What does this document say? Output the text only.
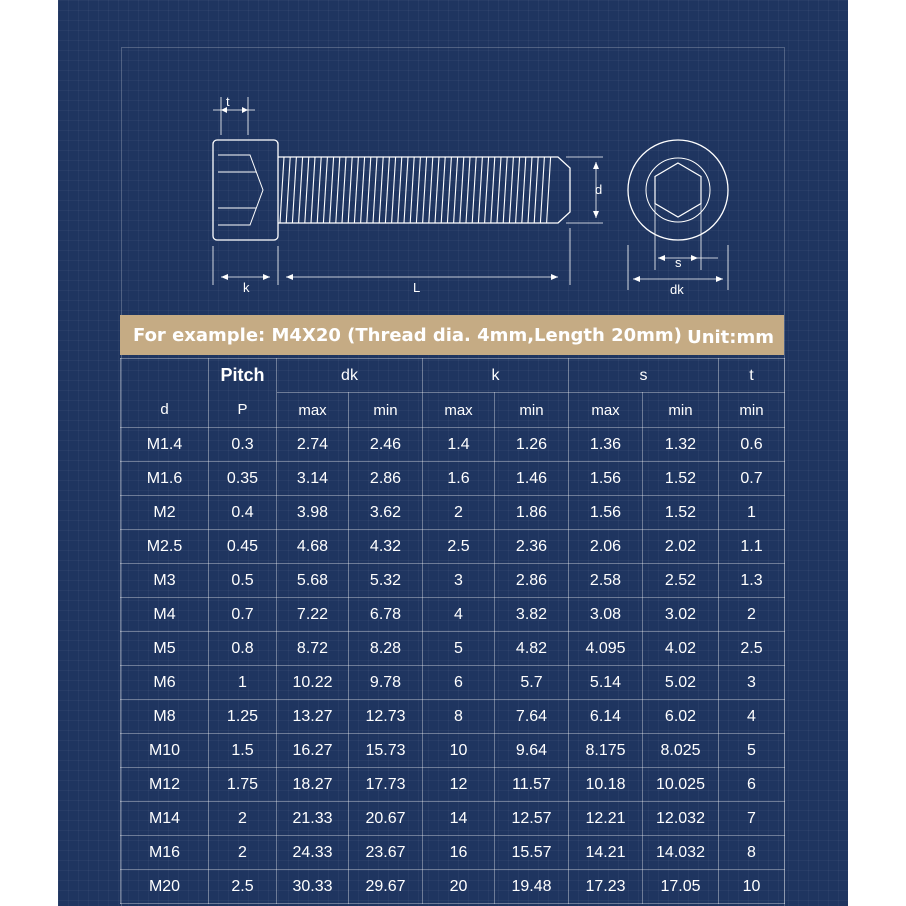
t
k	L
d
s
dk
For example: M4X20 (Thread dia. 4mm,Length 20mm) Unit:mm
	Pitch	dk		k		s		t
d	P	max	min	max	min	max	min	min
M1.4	0.3	2.74	2.46	1.4	1.26	1.36	1.32	0.6
M1.6	0.35	3.14	2.86	1.6	1.46	1.56	1.52	0.7
M2	0.4	3.98	3.62	2	1.86	1.56	1.52	1
M2.5	0.45	4.68	4.32	2.5	2.36	2.06	2.02	1.1
M3	0.5	5.68	5.32	3	2.86	2.58	2.52	1.3
M4	0.7	7.22	6.78	4	3.82	3.08	3.02	2
M5	0.8	8.72	8.28	5	4.82	4.095	4.02	2.5
M6	1	10.22	9.78	6	5.7	5.14	5.02	3
M8	1.25	13.27	12.73	8	7.64	6.14	6.02	4
M10	1.5	16.27	15.73	10	9.64	8.175	8.025	5
M12	1.75	18.27	17.73	12	11.57	10.18	10.025	6
M14	2	21.33	20.67	14	12.57	12.21	12.032	7
M16	2	24.33	23.67	16	15.57	14.21	14.032	8
M20	2.5	30.33	29.67	20	19.48	17.23	17.05	10
